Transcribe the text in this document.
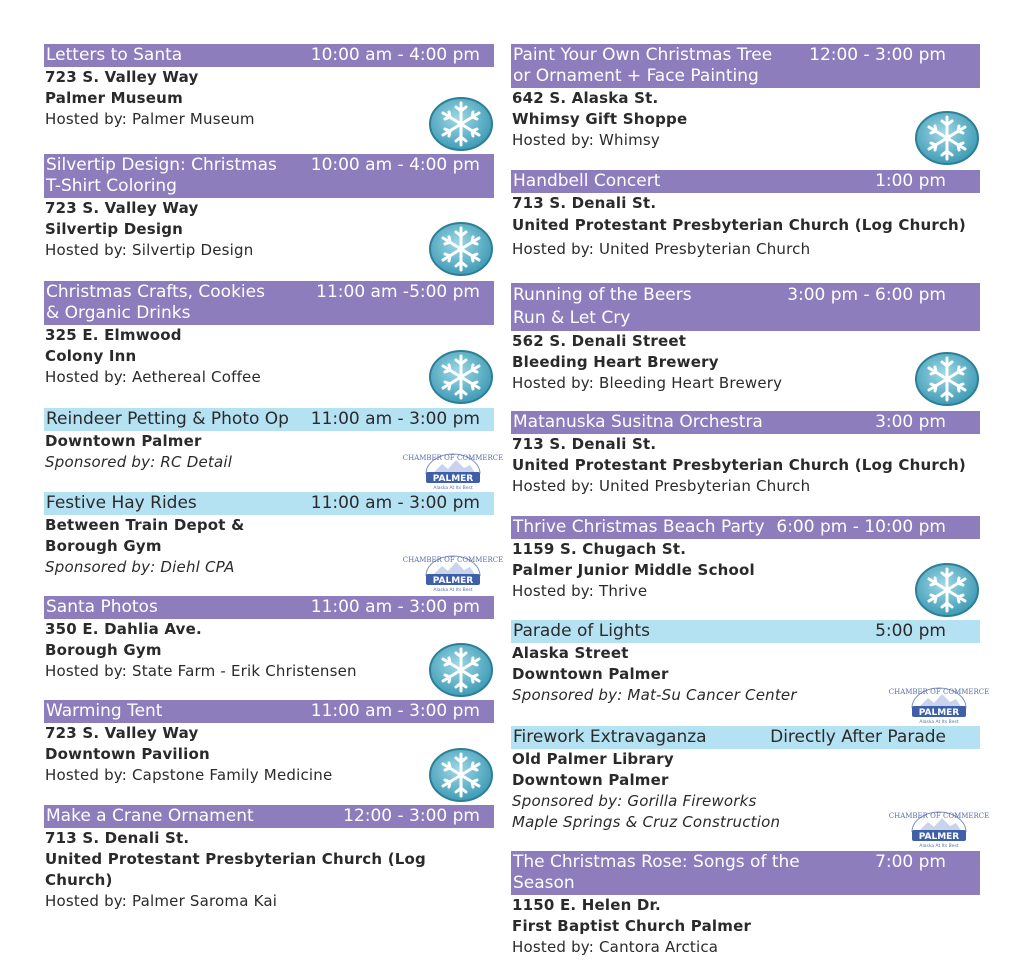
Letters to Santa	10:00 am - 4:00 pm
723 S. Valley Way
Palmer Museum
Hosted by: Palmer Museum
Silvertip Design: Christmas
T-Shirt Coloring
10:00 am - 4:00 pm
723 S. Valley Way
Silvertip Design
Hosted by: Silvertip Design
Christmas Crafts, Cookies
& Organic Drinks
11:00 am -5:00 pm
325 E. Elmwood
Colony Inn
Hosted by: Aethereal Coffee
Reindeer Petting & Photo Op	11:00 am - 3:00 pm
Downtown Palmer
Sponsored by: RC Detail	CHAMBER OF COMMERCE
PALMER
Alaska At Its Best
Festive Hay Rides	11:00 am - 3:00 pm
Between Train Depot &
Borough Gym
Sponsored by: Diehl CPA	CHAMBER OF COMMERCE
PALMER
Alaska At Its Best
Santa Photos	11:00 am - 3:00 pm
350 E. Dahlia Ave.
Borough Gym
Hosted by: State Farm - Erik Christensen
Warming Tent	11:00 am - 3:00 pm
723 S. Valley Way
Downtown Pavilion
Hosted by: Capstone Family Medicine
Make a Crane Ornament	12:00 - 3:00 pm
713 S. Denali St.
United Protestant Presbyterian Church (Log Church)
Hosted by: Palmer Saroma Kai
Paint Your Own Christmas Tree
or Ornament + Face Painting
12:00 - 3:00 pm
642 S. Alaska St.
Whimsy Gift Shoppe
Hosted by: Whimsy
Handbell Concert	1:00 pm
713 S. Denali St.
United Protestant Presbyterian Church (Log Church)
Hosted by: United Presbyterian Church
Running of the Beers
Run & Let Cry
3:00 pm - 6:00 pm
562 S. Denali Street
Bleeding Heart Brewery
Hosted by: Bleeding Heart Brewery
Matanuska Susitna Orchestra	3:00 pm
713 S. Denali St.
United Protestant Presbyterian Church (Log Church)
Hosted by: United Presbyterian Church
Thrive Christmas Beach Party 6:00 pm - 10:00 pm
1159 S. Chugach St.
Palmer Junior Middle School
Hosted by: Thrive
Parade of Lights	5:00 pm
Alaska Street
Downtown Palmer
Sponsored by: Mat-Su Cancer Center	CHAMBER OF COMMERCE
PALMER
Alaska At Its Best
Firework Extravaganza	Directly After Parade
Old Palmer Library
Downtown Palmer
Sponsored by: Gorilla Fireworks
Maple Springs & Cruz Construction	CHAMBER OF COMMERCE
PALMER
Alaska At Its Best
The Christmas Rose: Songs of the Season
7:00 pm
1150 E. Helen Dr.
First Baptist Church Palmer
Hosted by: Cantora Arctica
